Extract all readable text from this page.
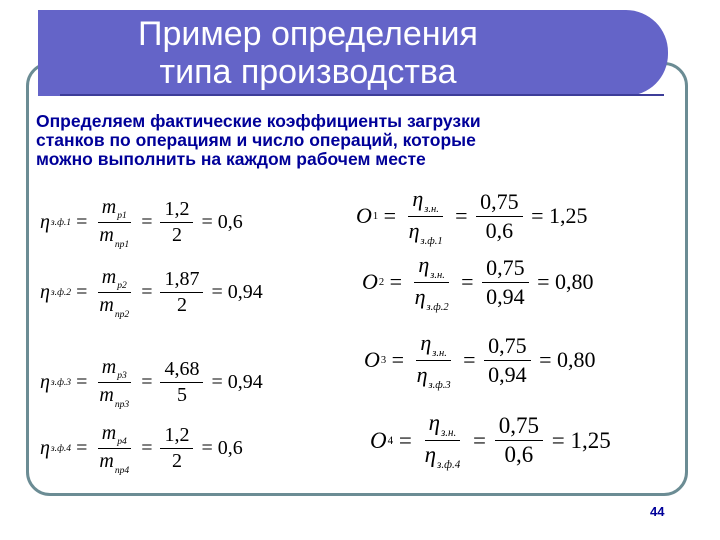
Пример определения
типа производства
Определяем фактические коэффициенты загрузки
станков по операциям и число операций, которые
можно выполнить на каждом рабочем месте
η $з.ф.1 = \frac{m_{р1}}{m_{пр1}} = \frac{1,2}{2} = 0,6$
η $з.ф.2 = \frac{m_{р2}}{m_{пр2}} = \frac{1,87}{2} = 0,94$
η $з.ф.3 = \frac{m_{р3}}{m_{пр3}} = \frac{4,68}{5} = 0,94$
η $з.ф.4 = \frac{m_{р4}}{m_{пр4}} = \frac{1,2}{2} = 0,6$
O $1 = \frac{\eta_{з.н.}}{\eta_{з.ф.1}} = \frac{0,75}{0,6} = 1,25$
O $2 = \frac{\eta_{з.н.}}{\eta_{з.ф.2}} = \frac{0,75}{0,94} = 0,80$
O $3 = \frac{\eta_{з.н.}}{\eta_{з.ф.3}} = \frac{0,75}{0,94} = 0,80$
O $4 = \frac{\eta_{з.н.}}{\eta_{з.ф.4}} = \frac{0,75}{0,6} = 1,25$
44
